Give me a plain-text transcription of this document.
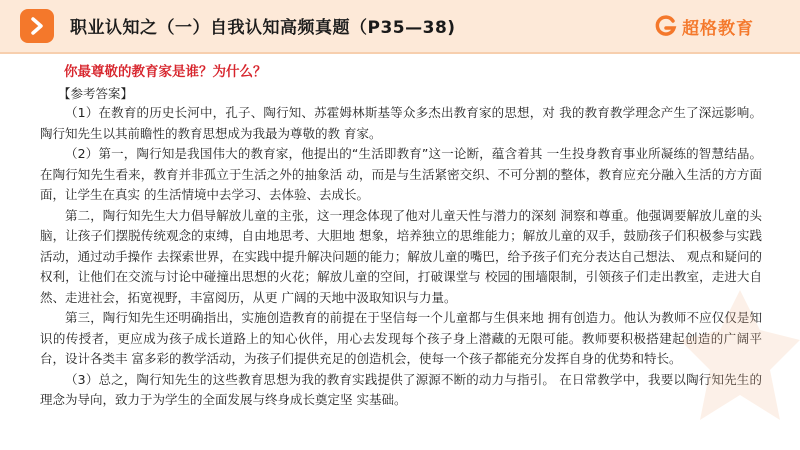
职业认知之（一）自我认知高频真题（P35—38)	超格教育
你最尊敬的教育家是谁？为什么？
【参考答案】

（1）在教育的历史长河中，孔子、陶行知、苏霍姆林斯基等众多杰出教育家的思想，对 我的教育教学理念产生了深远影响。陶行知先生以其前瞻性的教育思想成为我最为尊敬的教 育家。

（2）第一，陶行知是我国伟大的教育家，他提出的“生活即教育”这一论断，蕴含着其 一生投身教育事业所凝练的智慧结晶。在陶行知先生看来，教育并非孤立于生活之外的抽象活 动，而是与生活紧密交织、不可分割的整体，教育应充分融入生活的方方面面，让学生在真实 的生活情境中去学习、去体验、去成长。

第二，陶行知先生大力倡导解放儿童的主张，这一理念体现了他对儿童天性与潜力的深刻 洞察和尊重。他强调要解放儿童的头脑，让孩子们摆脱传统观念的束缚，自由地思考、大胆地 想象，培养独立的思维能力；解放儿童的双手，鼓励孩子们积极参与实践活动，通过动手操作 去探索世界，在实践中提升解决问题的能力；解放儿童的嘴巴，给予孩子们充分表达自己想法、 观点和疑问的权利，让他们在交流与讨论中碰撞出思想的火花；解放儿童的空间，打破课堂与 校园的围墙限制，引领孩子们走出教室，走进大自然、走进社会，拓宽视野，丰富阅历，从更 广阔的天地中汲取知识与力量。

第三，陶行知先生还明确指出，实施创造教育的前提在于坚信每一个儿童都与生俱来地 拥有创造力。他认为教师不应仅仅是知识的传授者，更应成为孩子成长道路上的知心伙伴，用心去发现每个孩子身上潜藏的无限可能。教师要积极搭建起创造的广阔平台，设计各类丰 富多彩的教学活动，为孩子们提供充足的创造机会，使每一个孩子都能充分发挥自身的优势和特长。

（3）总之，陶行知先生的这些教育思想为我的教育实践提供了源源不断的动力与指引。 在日常教学中，我要以陶行知先生的理念为导向，致力于为学生的全面发展与终身成长奠定坚 实基础。
